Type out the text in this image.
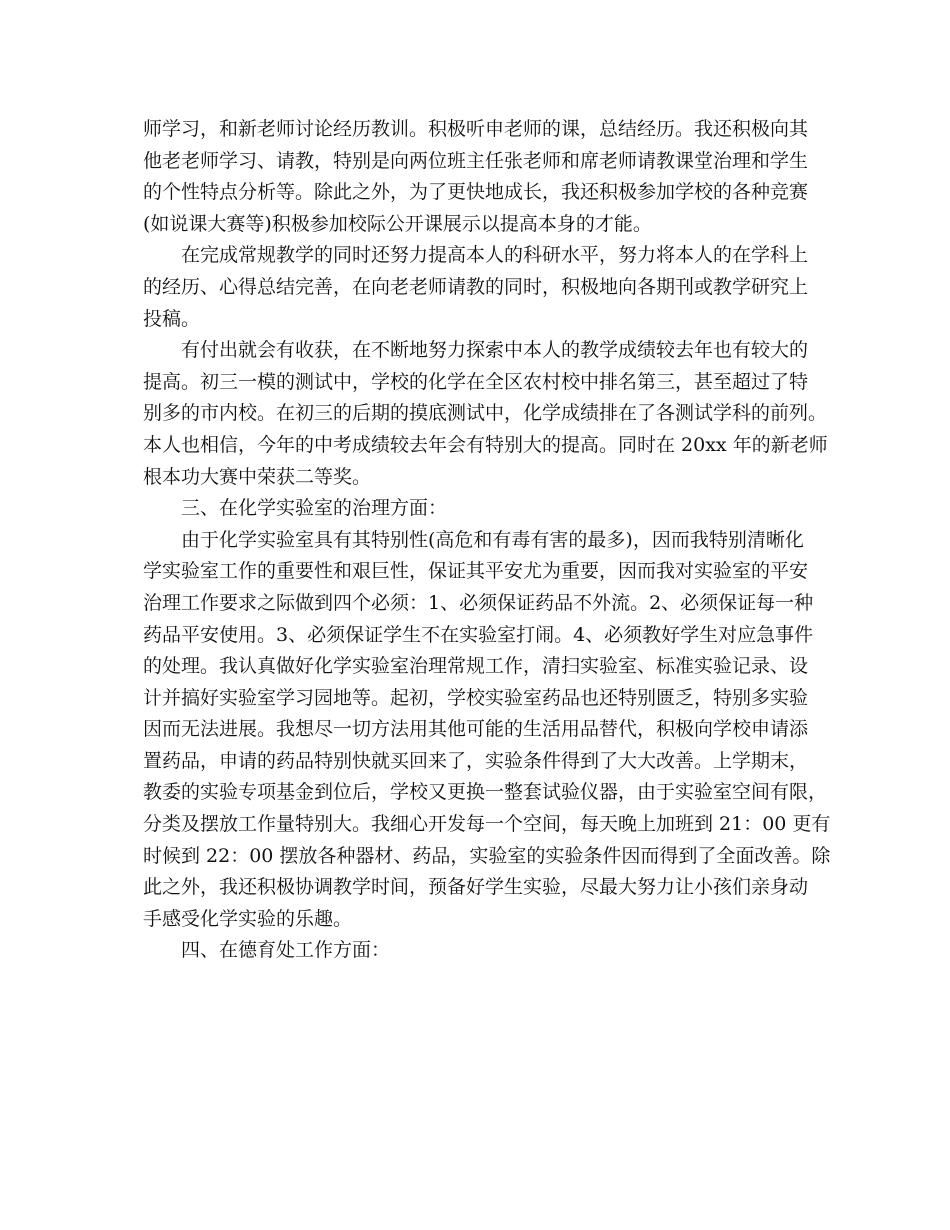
师学习，和新老师讨论经历教训。积极听申老师的课，总结经历。我还积极向其
他老老师学习、请教，特别是向两位班主任张老师和席老师请教课堂治理和学生
的个性特点分析等。除此之外，为了更快地成长，我还积极参加学校的各种竞赛
(如说课大赛等)积极参加校际公开课展示以提高本身的才能。
在完成常规教学的同时还努力提高本人的科研水平，努力将本人的在学科上
的经历、心得总结完善，在向老老师请教的同时，积极地向各期刊或教学研究上
投稿。
有付出就会有收获，在不断地努力探索中本人的教学成绩较去年也有较大的
提高。初三一模的测试中，学校的化学在全区农村校中排名第三，甚至超过了特
别多的市内校。在初三的后期的摸底测试中，化学成绩排在了各测试学科的前列。
本人也相信，今年的中考成绩较去年会有特别大的提高。同时在 20xx 年的新老师
根本功大赛中荣获二等奖。
三、在化学实验室的治理方面：
由于化学实验室具有其特别性(高危和有毒有害的最多)，因而我特别清晰化
学实验室工作的重要性和艰巨性，保证其平安尤为重要，因而我对实验室的平安
治理工作要求之际做到四个必须：1、必须保证药品不外流。2、必须保证每一种
药品平安使用。3、必须保证学生不在实验室打闹。4、必须教好学生对应急事件
的处理。我认真做好化学实验室治理常规工作，清扫实验室、标准实验记录、设
计并搞好实验室学习园地等。起初，学校实验室药品也还特别匮乏，特别多实验
因而无法进展。我想尽一切方法用其他可能的生活用品替代，积极向学校申请添
置药品，申请的药品特别快就买回来了，实验条件得到了大大改善。上学期末，
教委的实验专项基金到位后，学校又更换一整套试验仪器，由于实验室空间有限，
分类及摆放工作量特别大。我细心开发每一个空间，每天晚上加班到 21：00 更有
时候到 22：00 摆放各种器材、药品，实验室的实验条件因而得到了全面改善。除
此之外，我还积极协调教学时间，预备好学生实验，尽最大努力让小孩们亲身动
手感受化学实验的乐趣。
四、在德育处工作方面：
